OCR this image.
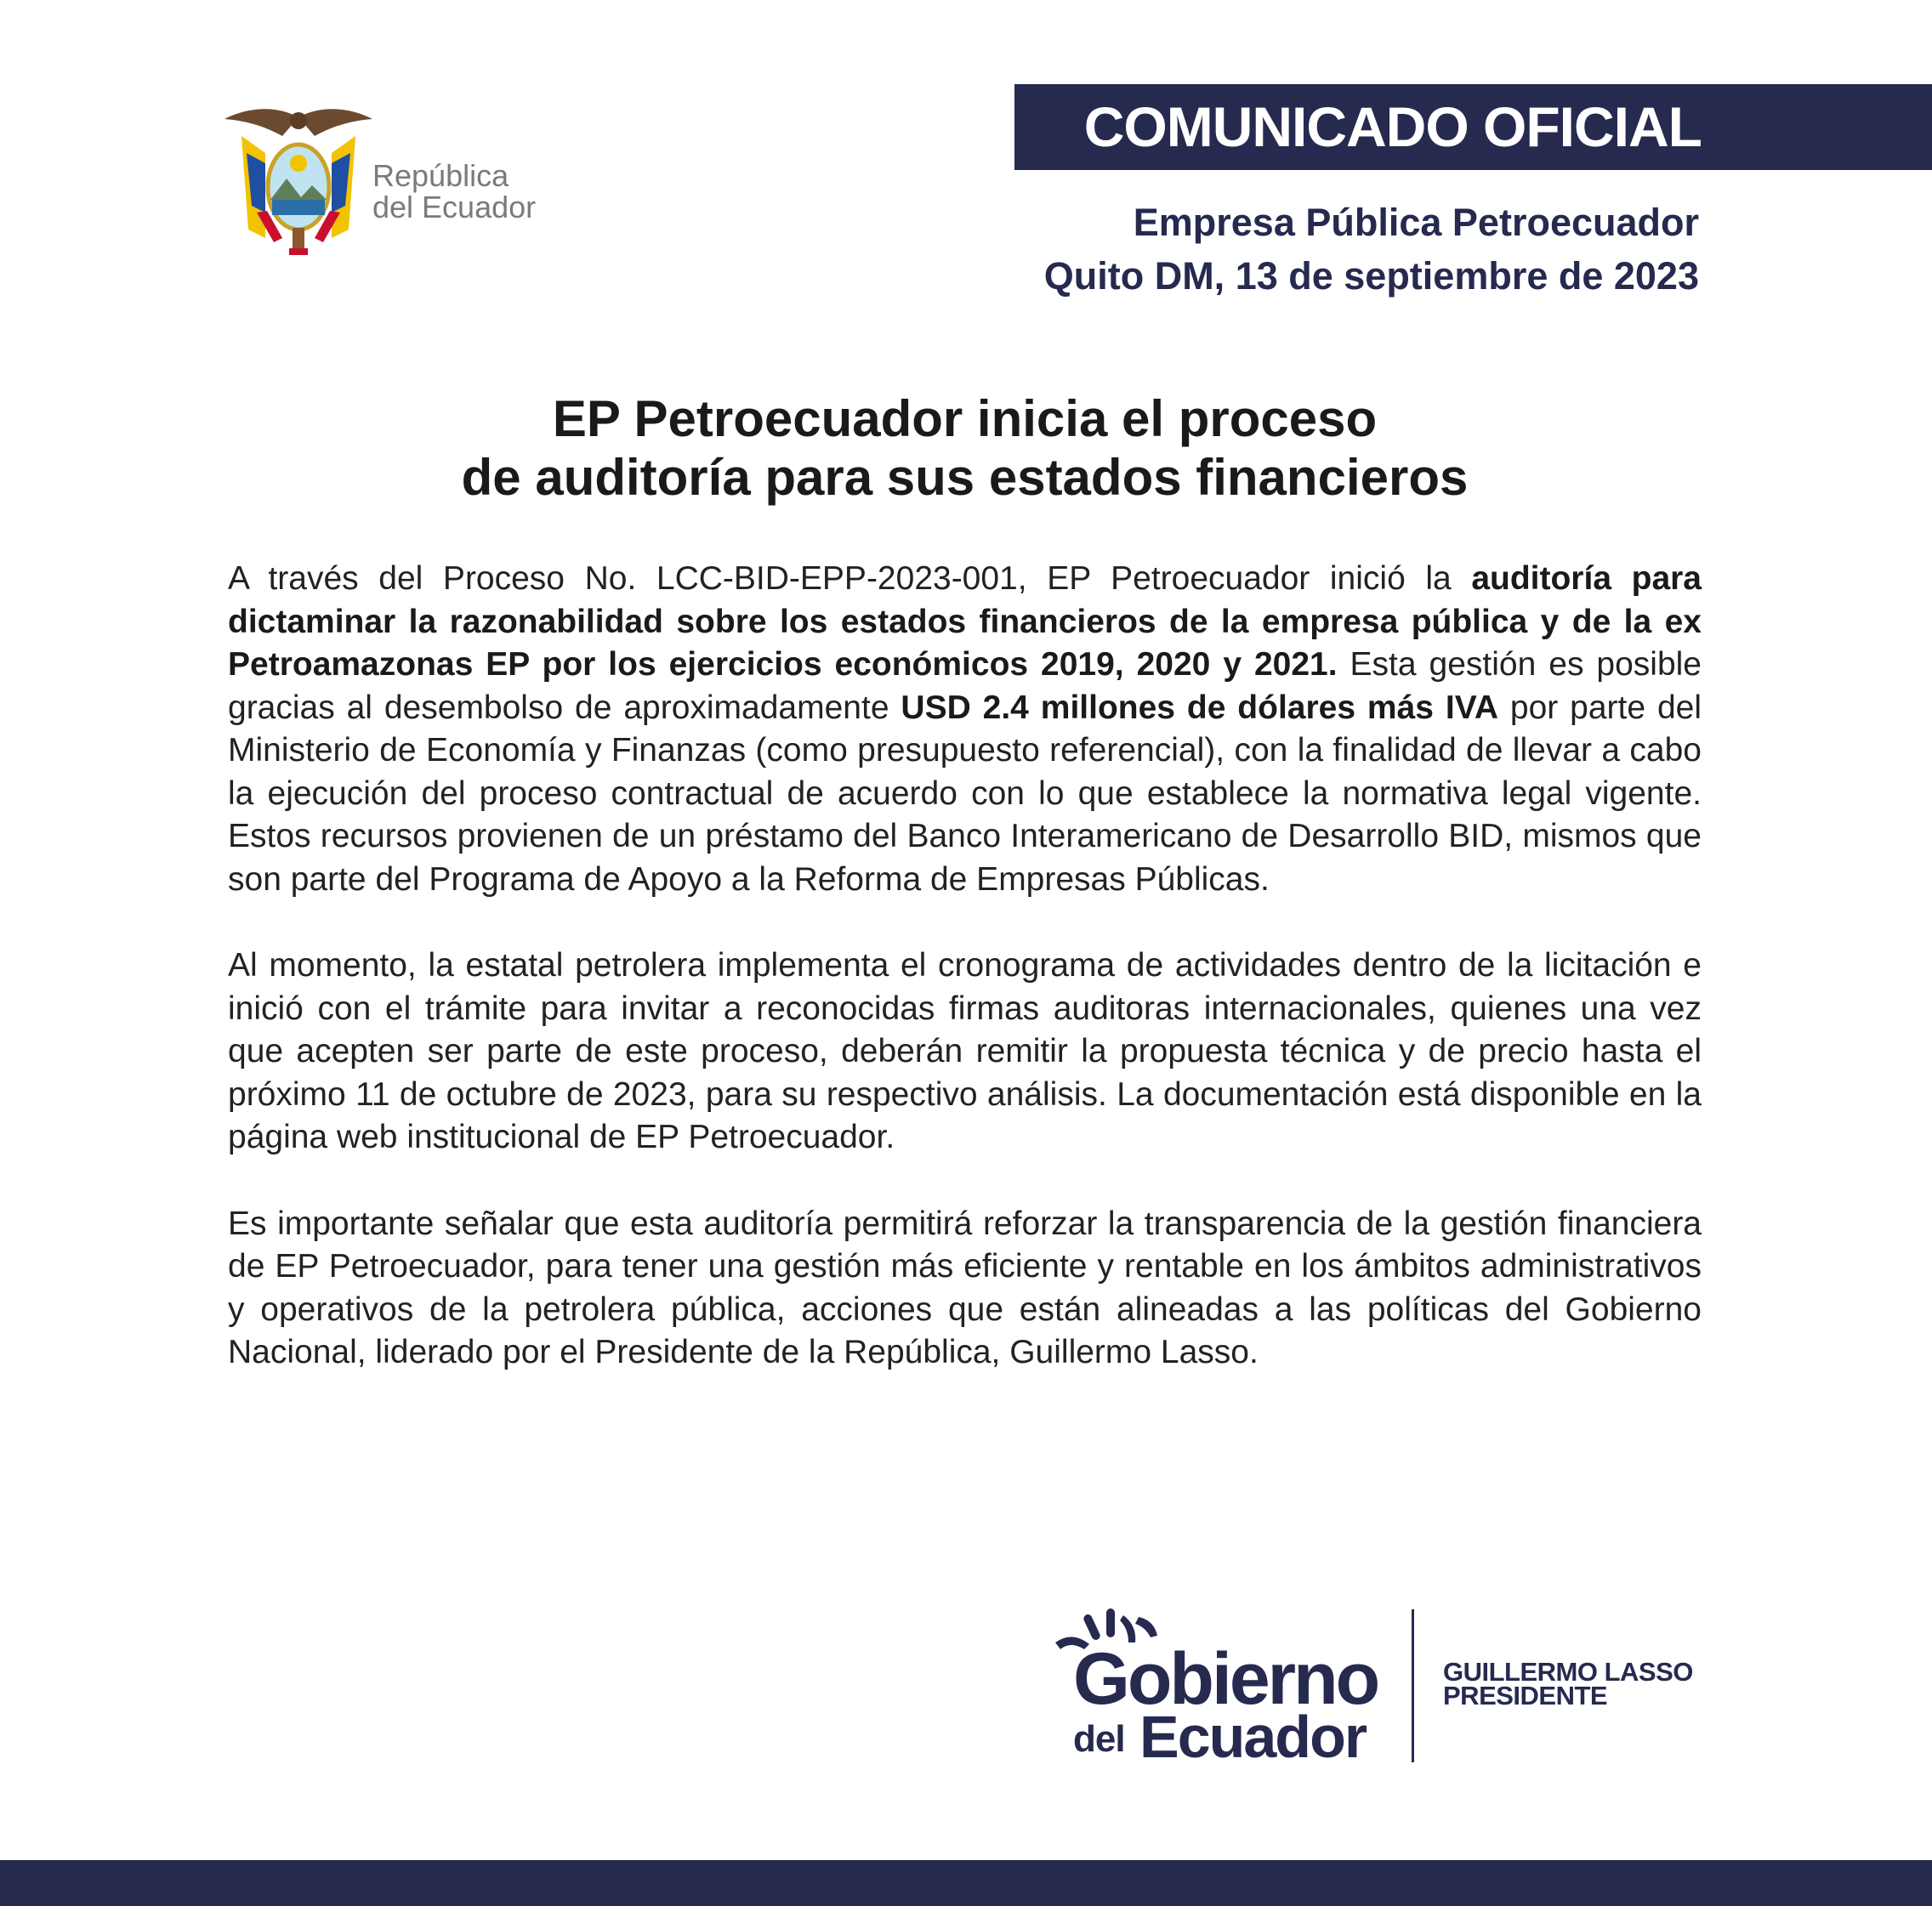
República
del Ecuador
COMUNICADO OFICIAL
Empresa Pública Petroecuador
Quito DM, 13 de septiembre de 2023
EP Petroecuador inicia el proceso
de auditoría para sus estados financieros

A través del Proceso No. LCC-BID-EPP-2023-001, EP Petroecuador inició la auditoría para dictaminar la razonabilidad sobre los estados financieros de la empresa pública y de la ex Petroamazonas EP por los ejercicios económicos 2019, 2020 y 2021. Esta gestión es posible gracias al desembolso de aproximadamente USD 2.4 millones de dólares más IVA por parte del Ministerio de Economía y Finanzas (como presupuesto referencial), con la finalidad de llevar a cabo la ejecución del proceso contractual de acuerdo con lo que establece la normativa legal vigente. Estos recursos provienen de un préstamo del Banco Interamericano de Desarrollo BID, mismos que son parte del Programa de Apoyo a la Reforma de Empresas Públicas.

Al momento, la estatal petrolera implementa el cronograma de actividades dentro de la licitación e inició con el trámite para invitar a reconocidas firmas auditoras internacionales, quienes una vez que acepten ser parte de este proceso, deberán remitir la propuesta técnica y de precio hasta el próximo 11 de octubre de 2023, para su respectivo análisis. La documentación está disponible en la página web institucional de EP Petroecuador.

Es importante señalar que esta auditoría permitirá reforzar la transparencia de la gestión financiera de EP Petroecuador, para tener una gestión más eficiente y rentable en los ámbitos administrativos y operativos de la petrolera pública, acciones que están alineadas a las políticas del Gobierno Nacional, liderado por el Presidente de la República, Guillermo Lasso.

Gobierno
del Ecuador
GUILLERMO LASSO
PRESIDENTE
